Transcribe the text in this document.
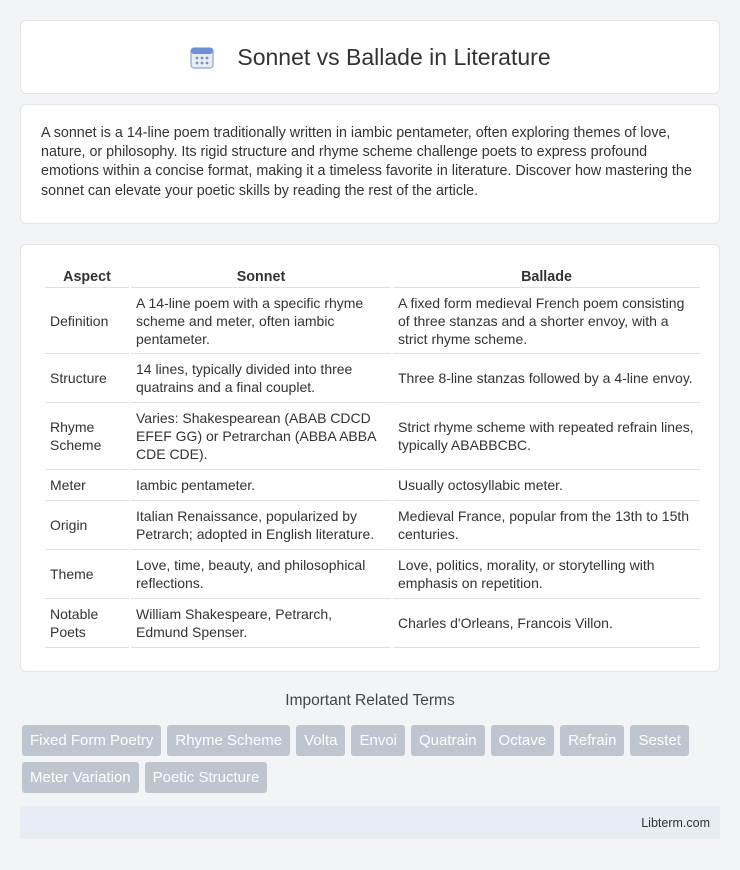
Sonnet vs Ballade in Literature

A sonnet is a 14-line poem traditionally written in iambic pentameter, often exploring themes of love, nature, or philosophy. Its rigid structure and rhyme scheme challenge poets to express profound emotions within a concise format, making it a timeless favorite in literature. Discover how mastering the sonnet can elevate your poetic skills by reading the rest of the article.

Aspect	Sonnet	Ballade
Definition	A 14-line poem with a specific rhyme scheme and meter, often iambic pentameter.	A fixed form medieval French poem consisting of three stanzas and a shorter envoy, with a strict rhyme scheme.
Structure	14 lines, typically divided into three quatrains and a final couplet.	Three 8-line stanzas followed by a 4-line envoy.
Rhyme Scheme	Varies: Shakespearean (ABAB CDCD EFEF GG) or Petrarchan (ABBA ABBA CDE CDE).	Strict rhyme scheme with repeated refrain lines, typically ABABBCBC.
Meter	Iambic pentameter.	Usually octosyllabic meter.
Origin	Italian Renaissance, popularized by Petrarch; adopted in English literature.	Medieval France, popular from the 13th to 15th centuries.
Theme	Love, time, beauty, and philosophical reflections.	Love, politics, morality, or storytelling with emphasis on repetition.
Notable Poets	William Shakespeare, Petrarch, Edmund Spenser.	Charles d'Orleans, Francois Villon.
Important Related Terms
Fixed Form Poetry	Rhyme Scheme	Volta	Envoi	Quatrain	Octave	Refrain	Sestet
Meter Variation	Poetic Structure
Libterm.com
